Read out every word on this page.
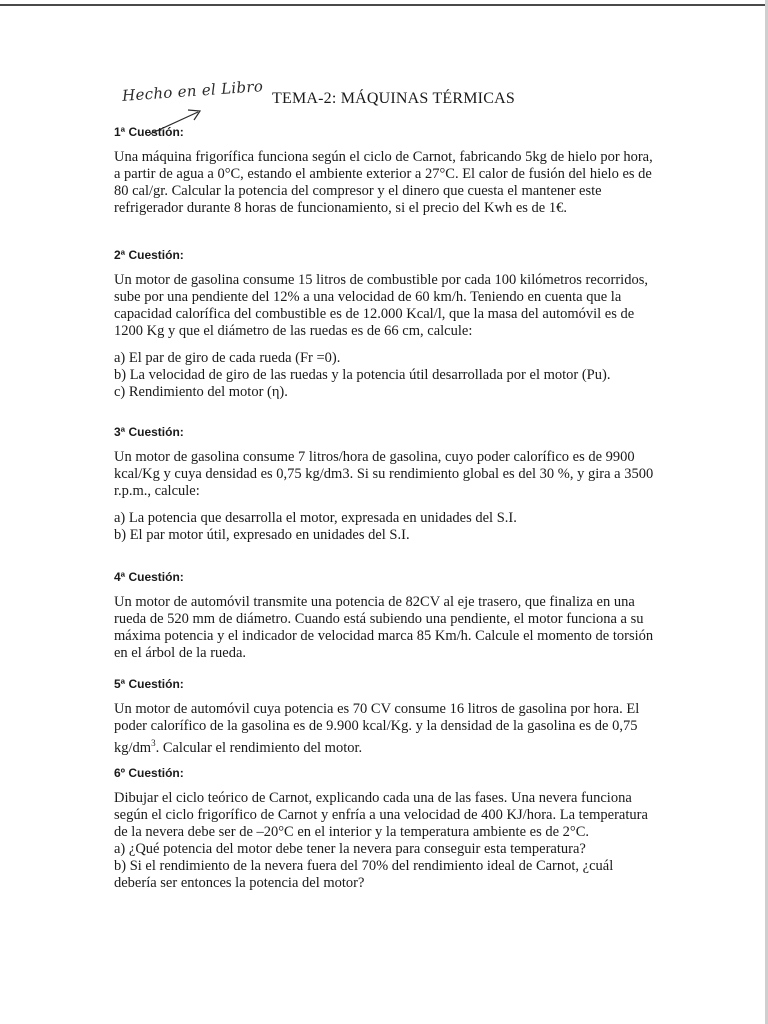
Hecho en el Libro TEMA-2: MÁQUINAS TÉRMICAS
1ª Cuestión:

Una máquina frigorífica funciona según el ciclo de Carnot, fabricando 5kg de hielo por hora, a partir de agua a 0°C, estando el ambiente exterior a 27°C. El calor de fusión del hielo es de 80 cal/gr. Calcular la potencia del compresor y el dinero que cuesta el mantener este refrigerador durante 8 horas de funcionamiento, si el precio del Kwh es de 1€.

2ª Cuestión:

Un motor de gasolina consume 15 litros de combustible por cada 100 kilómetros recorridos, sube por una pendiente del 12% a una velocidad de 60 km/h. Teniendo en cuenta que la capacidad calorífica del combustible es de 12.000 Kcal/l, que la masa del automóvil es de 1200 Kg y que el diámetro de las ruedas es de 66 cm, calcule:

a) El par de giro de cada rueda (Fr =0).
b) La velocidad de giro de las ruedas y la potencia útil desarrollada por el motor (Pu).
c) Rendimiento del motor (η).
3ª Cuestión:

Un motor de gasolina consume 7 litros/hora de gasolina, cuyo poder calorífico es de 9900 kcal/Kg y cuya densidad es 0,75 kg/dm3. Si su rendimiento global es del 30 %, y gira a 3500 r.p.m., calcule:

a) La potencia que desarrolla el motor, expresada en unidades del S.I.
b) El par motor útil, expresado en unidades del S.I.
4ª Cuestión:

Un motor de automóvil transmite una potencia de 82CV al eje trasero, que finaliza en una rueda de 520 mm de diámetro. Cuando está subiendo una pendiente, el motor funciona a su máxima potencia y el indicador de velocidad marca 85 Km/h. Calcule el momento de torsión en el árbol de la rueda.

5ª Cuestión:

Un motor de automóvil cuya potencia es 70 CV consume 16 litros de gasolina por hora. El poder calorífico de la gasolina es de 9.900 kcal/Kg. y la densidad de la gasolina es de 0,75 $kg/dm^3$. Calcular el rendimiento del motor.

6º Cuestión:

Dibujar el ciclo teórico de Carnot, explicando cada una de las fases. Una nevera funciona según el ciclo frigorífico de Carnot y enfría a una velocidad de 400 KJ/hora. La temperatura de la nevera debe ser de –20°C en el interior y la temperatura ambiente es de 2°C.

a) ¿Qué potencia del motor debe tener la nevera para conseguir esta temperatura?
b) Si el rendimiento de la nevera fuera del 70% del rendimiento ideal de Carnot, ¿cuál debería ser entonces la potencia del motor?
